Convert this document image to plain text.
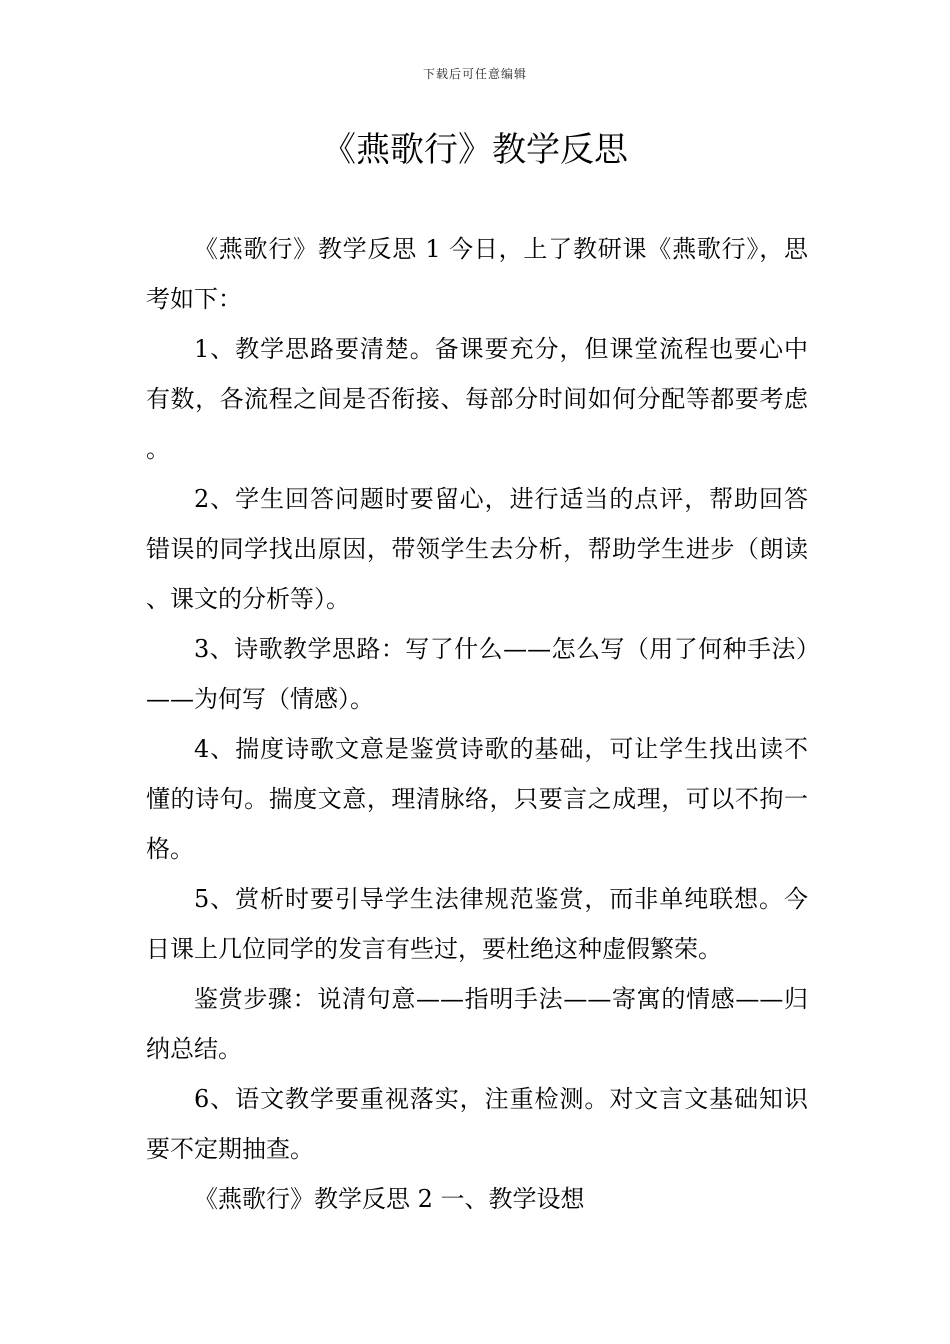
下载后可任意编辑
《燕歌行》教学反思

《燕歌行》教学反思 1 今日，上了教研课《燕歌行》，思考如下：

1、教学思路要清楚。备课要充分，但课堂流程也要心中有数，各流程之间是否衔接、每部分时间如何分配等都要考虑。

2、学生回答问题时要留心，进行适当的点评，帮助回答错误的同学找出原因，带领学生去分析，帮助学生进步（朗读、课文的分析等）。

3、诗歌教学思路：写了什么——怎么写（用了何种手法）——为何写（情感）。

4、揣度诗歌文意是鉴赏诗歌的基础，可让学生找出读不懂的诗句。揣度文意，理清脉络，只要言之成理，可以不拘一格。

5、赏析时要引导学生法律规范鉴赏，而非单纯联想。今日课上几位同学的发言有些过，要杜绝这种虚假繁荣。

鉴赏步骤：说清句意——指明手法——寄寓的情感——归纳总结。

6、语文教学要重视落实，注重检测。对文言文基础知识要不定期抽查。

《燕歌行》教学反思 2 一、教学设想
